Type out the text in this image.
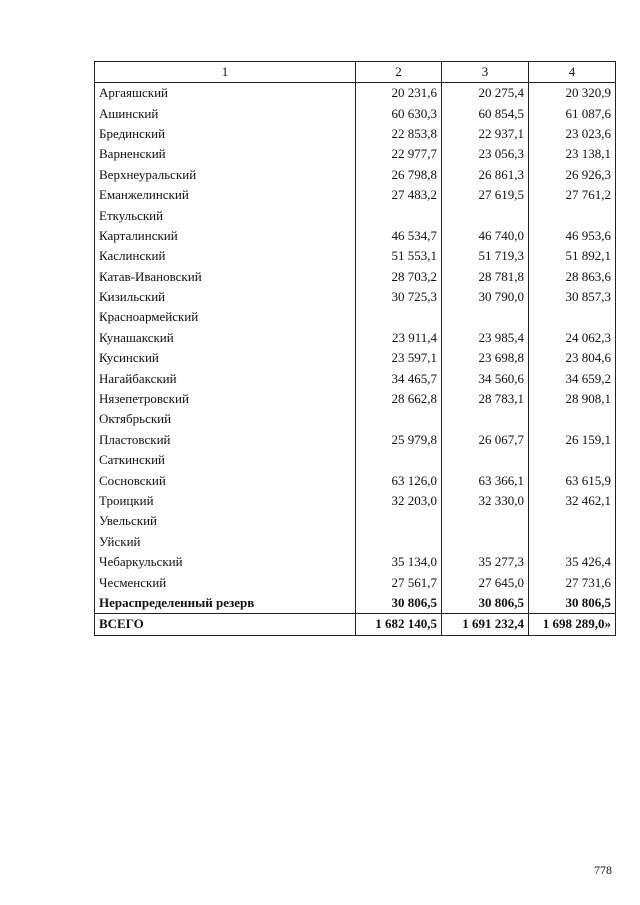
1	2	3	4
Аргаяшский	20 231,6	20 275,4	20 320,9
Ашинский	60 630,3	60 854,5	61 087,6
Брединский	22 853,8	22 937,1	23 023,6
Варненский	22 977,7	23 056,3	23 138,1
Верхнеуральский	26 798,8	26 861,3	26 926,3
Еманжелинский	27 483,2	27 619,5	27 761,2
Еткульский			
Карталинский	46 534,7	46 740,0	46 953,6
Каслинский	51 553,1	51 719,3	51 892,1
Катав-Ивановский	28 703,2	28 781,8	28 863,6
Кизильский	30 725,3	30 790,0	30 857,3
Красноармейский			
Кунашакский	23 911,4	23 985,4	24 062,3
Кусинский	23 597,1	23 698,8	23 804,6
Нагайбакский	34 465,7	34 560,6	34 659,2
Нязепетровский	28 662,8	28 783,1	28 908,1
Октябрьский			
Пластовский	25 979,8	26 067,7	26 159,1
Саткинский			
Сосновский	63 126,0	63 366,1	63 615,9
Троицкий	32 203,0	32 330,0	32 462,1
Увельский			
Уйский			
Чебаркульский	35 134,0	35 277,3	35 426,4
Чесменский	27 561,7	27 645,0	27 731,6
Нераспределенный резерв	30 806,5	30 806,5	30 806,5
ВСЕГО	1 682 140,5	1 691 232,4	1 698 289,0»
778
